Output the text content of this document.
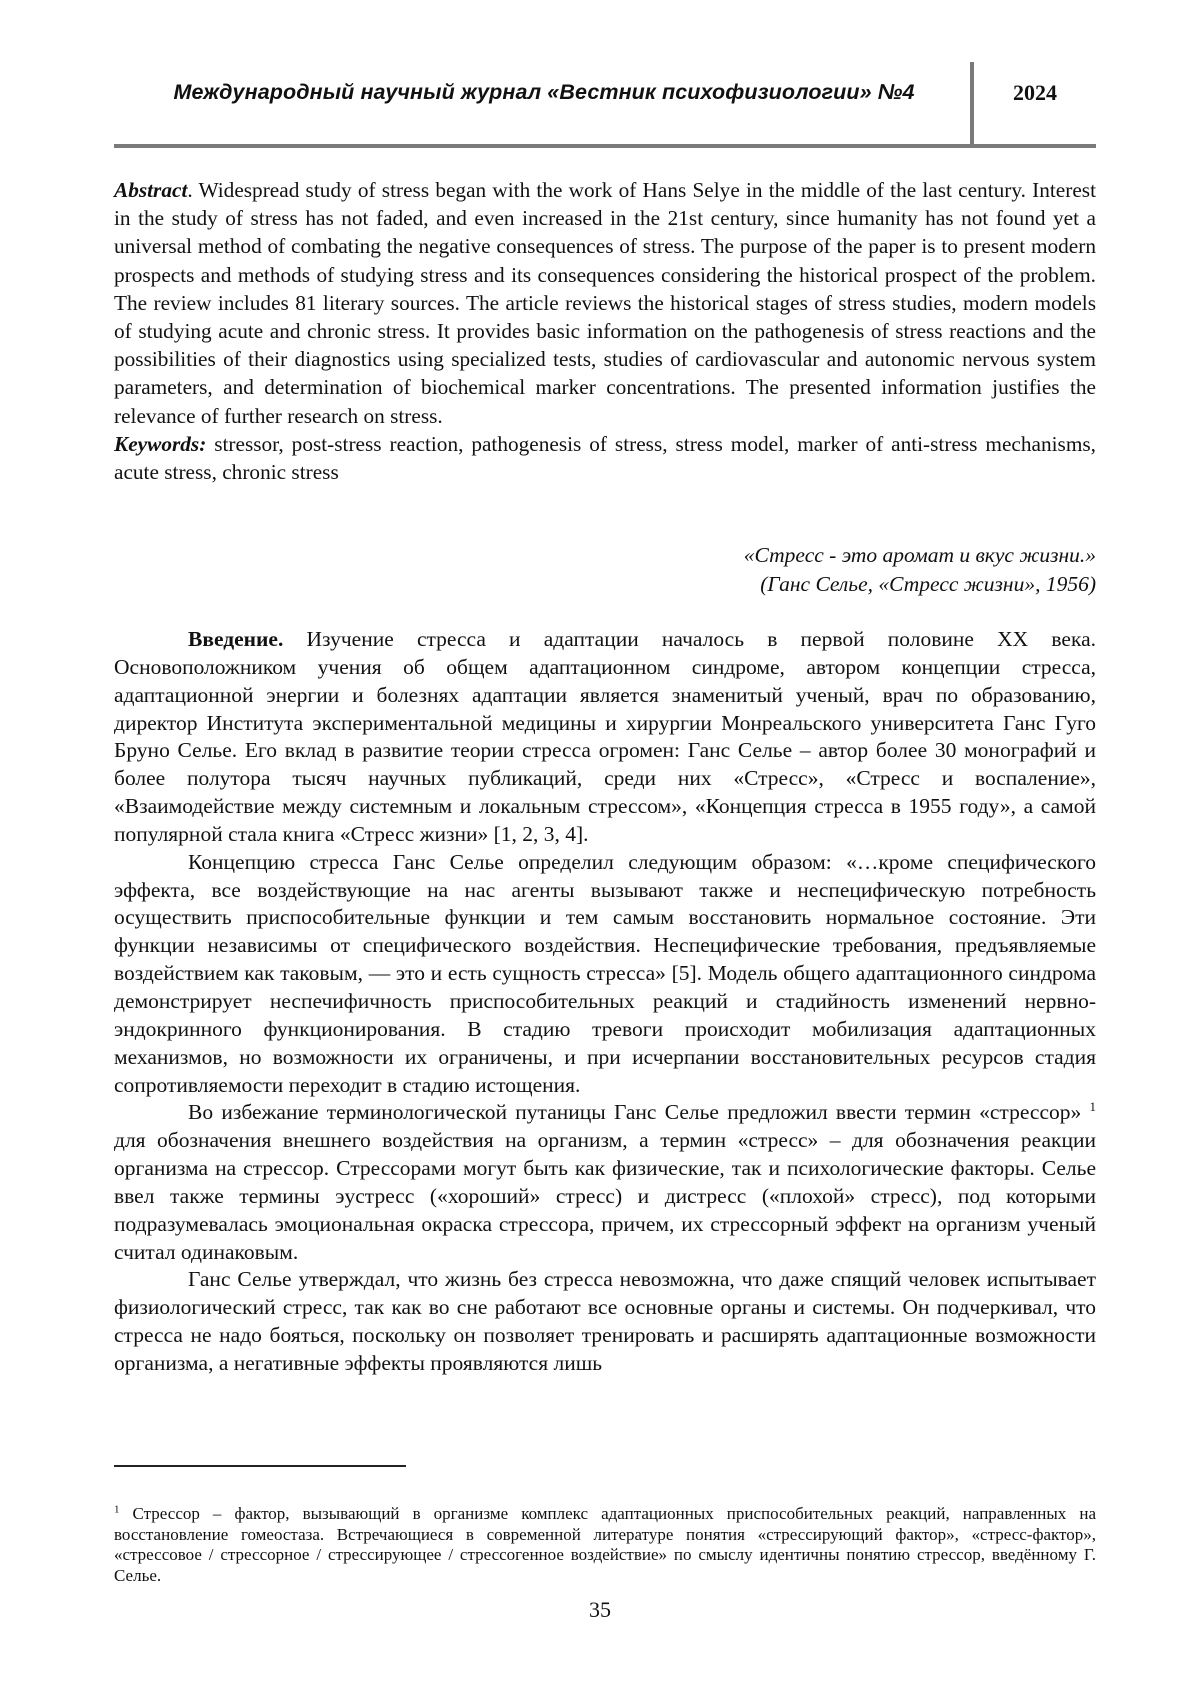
Международный научный журнал «Вестник психофизиологии» №4	2024
Abstract. Widespread study of stress began with the work of Hans Selye in the middle of the last century. Interest in the study of stress has not faded, and even increased in the 21st century, since humanity has not found yet a universal method of combating the negative consequences of stress. The purpose of the paper is to present modern prospects and methods of studying stress and its consequences considering the historical prospect of the problem. The review includes 81 literary sources. The article reviews the historical stages of stress studies, modern models of studying acute and chronic stress. It provides basic information on the pathogenesis of stress reactions and the possibilities of their diagnostics using specialized tests, studies of cardiovascular and autonomic nervous system parameters, and determination of biochemical marker concentrations. The presented information justifies the relevance of further research on stress.
Keywords: stressor, post-stress reaction, pathogenesis of stress, stress model, marker of anti-stress mechanisms, acute stress, chronic stress
«Стресс - это аромат и вкус жизни.»
(Ганс Селье, «Стресс жизни», 1956)

Введение. Изучение стресса и адаптации началось в первой половине XX века. Основоположником учения об общем адаптационном синдроме, автором концепции стресса, адаптационной энергии и болезнях адаптации является знаменитый ученый, врач по образованию, директор Института экспериментальной медицины и хирургии Монреальского университета Ганс Гуго Бруно Селье. Его вклад в развитие теории стресса огромен: Ганс Селье – автор более 30 монографий и более полутора тысяч научных публикаций, среди них «Стресс», «Стресс и воспаление», «Взаимодействие между системным и локальным стрессом», «Концепция стресса в 1955 году», а самой популярной стала книга «Стресс жизни» [1, 2, 3, 4].

Концепцию стресса Ганс Селье определил следующим образом: «…кроме специфического эффекта, все воздействующие на нас агенты вызывают также и неспецифическую потребность осуществить приспособительные функции и тем самым восстановить нормальное состояние. Эти функции независимы от специфического воздействия. Неспецифические требования, предъявляемые воздействием как таковым, — это и есть сущность стресса» [5]. Модель общего адаптационного синдрома демонстрирует неспечифичность приспособительных реакций и стадийность изменений нервно-эндокринного функционирования. В стадию тревоги происходит мобилизация адаптационных механизмов, но возможности их ограничены, и при исчерпании восстановительных ресурсов стадия сопротивляемости переходит в стадию истощения.

Во избежание терминологической путаницы Ганс Селье предложил ввести термин «стрессор» $^1$ для обозначения внешнего воздействия на организм, а термин «стресс» – для обозначения реакции организма на стрессор. Стрессорами могут быть как физические, так и психологические факторы. Селье ввел также термины эустресс («хороший» стресс) и дистресс («плохой» стресс), под которыми подразумевалась эмоциональная окраска стрессора, причем, их стрессорный эффект на организм ученый считал одинаковым.

Ганс Селье утверждал, что жизнь без стресса невозможна, что даже спящий человек испытывает физиологический стресс, так как во сне работают все основные органы и системы. Он подчеркивал, что стресса не надо бояться, поскольку он позволяет тренировать и расширять адаптационные возможности организма, а негативные эффекты проявляются лишь

$^1$ Стрессор – фактор, вызывающий в организме комплекс адаптационных приспособительных реакций, направленных на восстановление гомеостаза. Встречающиеся в современной литературе понятия «стрессирующий фактор», «стресс-фактор», «стрессовое / стрессорное / стрессирующее / стрессогенное воздействие» по смыслу идентичны понятию стрессор, введённому Г. Селье.
35
